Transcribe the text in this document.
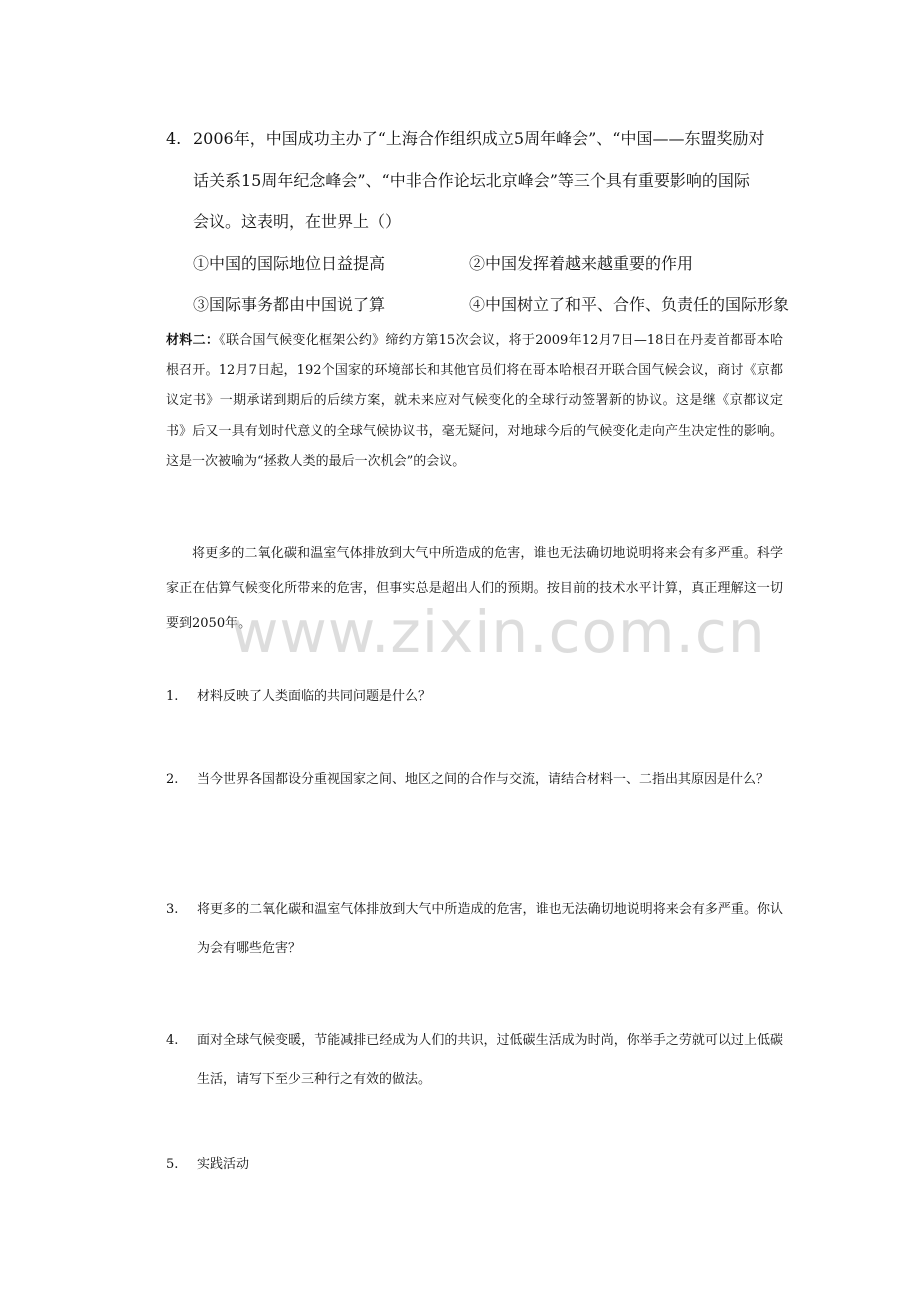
4. 2006年，中国成功主办了“上海合作组织成立5周年峰会”、“中国——东盟奖励对
话关系15周年纪念峰会”、“中非合作论坛北京峰会”等三个具有重要影响的国际
会议。这表明，在世界上（）
①中国的国际地位日益提高	②中国发挥着越来越重要的作用
③国际事务都由中国说了算	④中国树立了和平、合作、负责任的国际形象
材料二：《联合国气候变化框架公约》缔约方第15次会议，将于2009年12月7日—18日在丹麦首都哥本哈根召开。12月7日起，192个国家的环境部长和其他官员们将在哥本哈根召开联合国气候会议，商讨《京都议定书》一期承诺到期后的后续方案，就未来应对气候变化的全球行动签署新的协议。这是继《京都议定书》后又一具有划时代意义的全球气候协议书，毫无疑问，对地球今后的气候变化走向产生决定性的影响。这是一次被喻为“拯救人类的最后一次机会”的会议。
将更多的二氧化碳和温室气体排放到大气中所造成的危害，谁也无法确切地说明将来会有多严重。科学家正在估算气候变化所带来的危害，但事实总是超出人们的预期。按目前的技术水平计算，真正理解这一切要到2050年。
1.	材料反映了人类面临的共同问题是什么？
2.	当今世界各国都设分重视国家之间、地区之间的合作与交流，请结合材料一、二指出其原因是什么？
3.	将更多的二氧化碳和温室气体排放到大气中所造成的危害，谁也无法确切地说明将来会有多严重。你认为会有哪些危害？
4.	面对全球气候变暖，节能减排已经成为人们的共识，过低碳生活成为时尚，你举手之劳就可以过上低碳生活，请写下至少三种行之有效的做法。
5.	实践活动
www.zixin.com.cn
